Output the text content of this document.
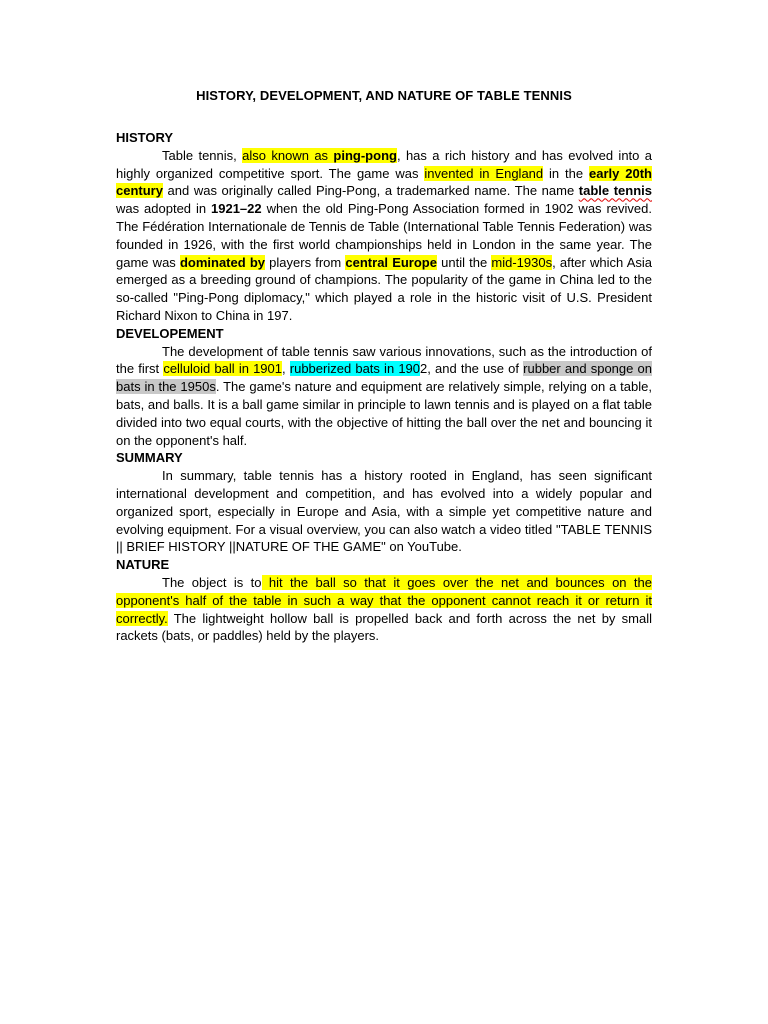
HISTORY, DEVELOPMENT, AND NATURE OF TABLE TENNIS
HISTORY

Table tennis, also known as ping-pong, has a rich history and has evolved into a highly organized competitive sport. The game was invented in England in the early 20th century and was originally called Ping-Pong, a trademarked name. The name table tennis was adopted in 1921–22 when the old Ping-Pong Association formed in 1902 was revived. The Fédération Internationale de Tennis de Table (International Table Tennis Federation) was founded in 1926, with the first world championships held in London in the same year. The game was dominated by players from central Europe until the mid-1930s, after which Asia emerged as a breeding ground of champions. The popularity of the game in China led to the so-called "Ping-Pong diplomacy," which played a role in the historic visit of U.S. President Richard Nixon to China in 197.

DEVELOPEMENT

The development of table tennis saw various innovations, such as the introduction of the first celluloid ball in 1901, rubberized bats in 1902, and the use of rubber and sponge on bats in the 1950s. The game's nature and equipment are relatively simple, relying on a table, bats, and balls. It is a ball game similar in principle to lawn tennis and is played on a flat table divided into two equal courts, with the objective of hitting the ball over the net and bouncing it on the opponent's half.

SUMMARY

In summary, table tennis has a history rooted in England, has seen significant international development and competition, and has evolved into a widely popular and organized sport, especially in Europe and Asia, with a simple yet competitive nature and evolving equipment. For a visual overview, you can also watch a video titled "TABLE TENNIS || BRIEF HISTORY ||NATURE OF THE GAME" on YouTube.

NATURE

The object is to hit the ball so that it goes over the net and bounces on the opponent's half of the table in such a way that the opponent cannot reach it or return it correctly. The lightweight hollow ball is propelled back and forth across the net by small rackets (bats, or paddles) held by the players.
